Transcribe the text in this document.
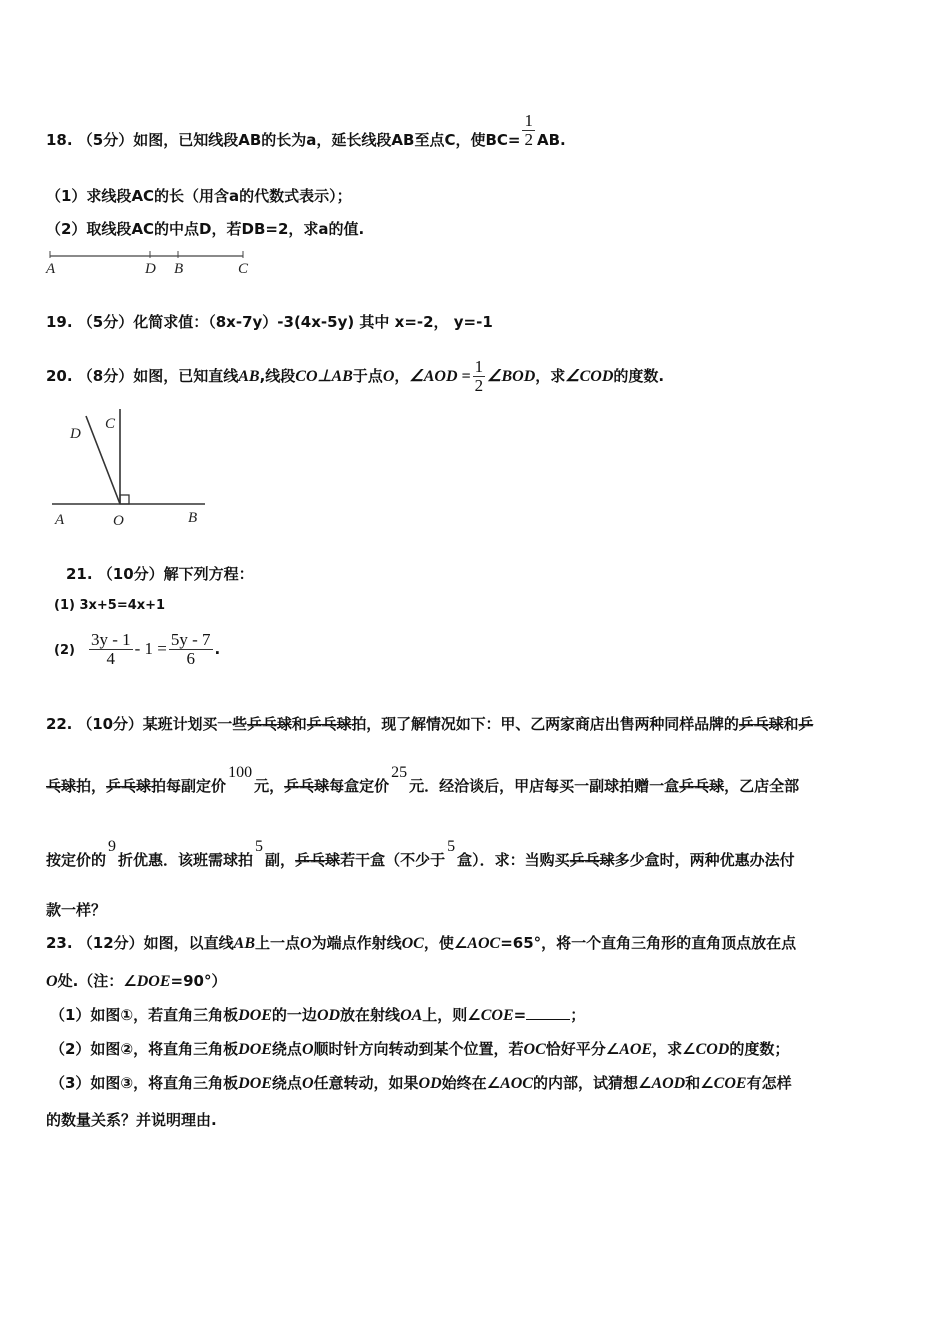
18. （5分）如图，已知线段AB的长为a，延长线段AB至点C，使$BC= \frac{1}{2}$ AB.
（1）求线段AC的长（用含a的代数式表示）；
（2）取线段AC的中点D，若DB=2，求a的值.
A	D B	C
19. （5分）化简求值：（8x-7y）-3(4x-5y) 其中 x=-2， y=-1
20. （8分）如图，已知直线AB,线段CO⊥AB于点O，∠AOD = $\frac{1}{2}$ ∠BOD，求∠COD的度数.
D
C
A	O	B
21. （10分）解下列方程：
(1) 3x+5=4x+1
$(2) \frac{3y - 1}{4} - 1 = \frac{5y - 7}{6}$ .
22. （10分）某班计划买一些乒乓球和乒乓球拍，现了解情况如下：甲、乙两家商店出售两种同样品牌的乒乓球和乒
乓球拍，乒乓球拍每副定价100元，乒乓球每盒定价25元．经洽谈后，甲店每买一副球拍赠一盒乒乓球，乙店全部
按定价的9折优惠．该班需球拍5副，乒乓球若干盒（不少于5盒）．求：当购买乒乓球多少盒时，两种优惠办法付
款一样？
23. （12分）如图，以直线AB上一点O为端点作射线OC，使∠AOC=65°，将一个直角三角形的直角顶点放在点
O处.（注：∠DOE=90°）
（1）如图①，若直角三角板DOE的一边OD放在射线OA上，则∠COE=	；
（2）如图②，将直角三角板DOE绕点O顺时针方向转动到某个位置，若OC恰好平分∠AOE，求∠COD的度数；
（3）如图③，将直角三角板DOE绕点O任意转动，如果OD始终在∠AOC的内部，试猜想∠AOD和∠COE有怎样
的数量关系？并说明理由.
